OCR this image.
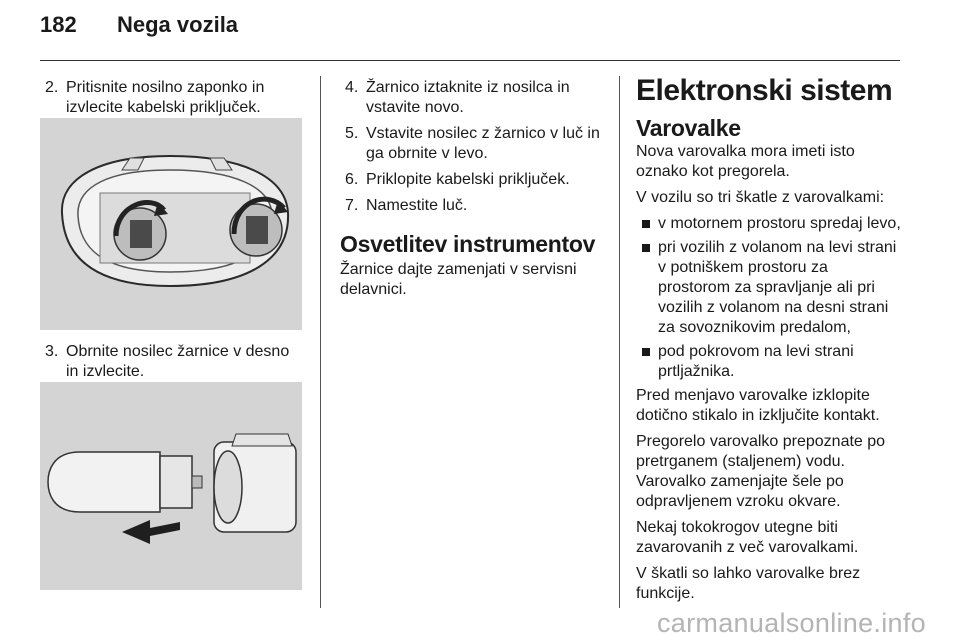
182 Nega vozila
2. Pritisnite nosilno zaponko in izvlecite kabelski priključek.
3. Obrnite nosilec žarnice v desno in izvlecite.
4. Žarnico iztaknite iz nosilca in vstavite novo.
5. Vstavite nosilec z žarnico v luč in ga obrnite v levo.
6. Priklopite kabelski priključek.
7. Namestite luč.
Osvetlitev instrumentov
Žarnice dajte zamenjati v servisni delavnici.
Elektronski sistem
Varovalke
Nova varovalka mora imeti isto oznako kot pregorela.
V vozilu so tri škatle z varovalkami:
v motornem prostoru spredaj levo,
pri vozilih z volanom na levi strani v potniškem prostoru za prostorom za spravljanje ali pri vozilih z volanom na desni strani za sovoznikovim predalom,
pod pokrovom na levi strani prtljažnika.
Pred menjavo varovalke izklopite dotično stikalo in izključite kontakt.
Pregorelo varovalko prepoznate po pretrganem (staljenem) vodu. Varovalko zamenjajte šele po odpravljenem vzroku okvare.
Nekaj tokokrogov utegne biti zavarovanih z več varovalkami.
V škatli so lahko varovalke brez funkcije.
carmanualsonline.info
